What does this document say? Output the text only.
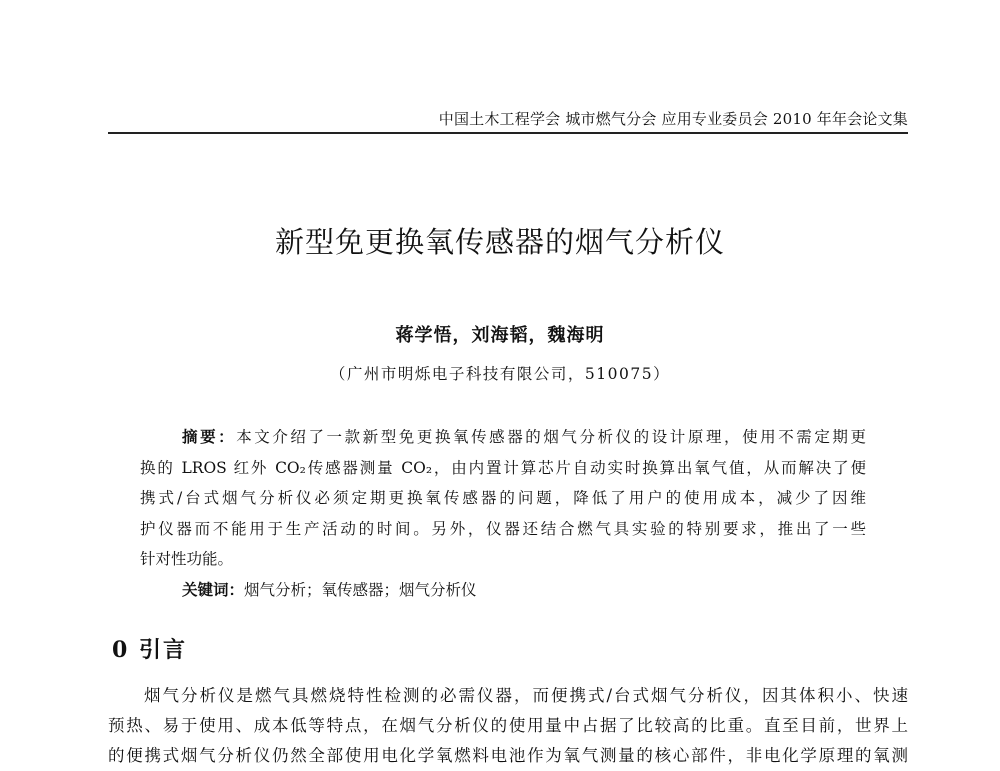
中国土木工程学会 城市燃气分会 应用专业委员会 2010 年年会论文集
新型免更换氧传感器的烟气分析仪
蒋学悟，刘海韬，魏海明
（广州市明烁电子科技有限公司，510075）
摘要：本文介绍了一款新型免更换氧传感器的烟气分析仪的设计原理，使用不需定期更
换的 LROS 红外 CO₂传感器测量 CO₂，由内置计算芯片自动实时换算出氧气值，从而解决了便
携式/台式烟气分析仪必须定期更换氧传感器的问题，降低了用户的使用成本，减少了因维
护仪器而不能用于生产活动的时间。另外，仪器还结合燃气具实验的特别要求，推出了一些
针对性功能。
关键词：烟气分析；氧传感器；烟气分析仪
0 引言
烟气分析仪是燃气具燃烧特性检测的必需仪器，而便携式/台式烟气分析仪，因其体积小、快速
预热、易于使用、成本低等特点，在烟气分析仪的使用量中占据了比较高的比重。直至目前，世界上
的便携式烟气分析仪仍然全部使用电化学氧燃料电池作为氧气测量的核心部件，非电化学原理的氧测
